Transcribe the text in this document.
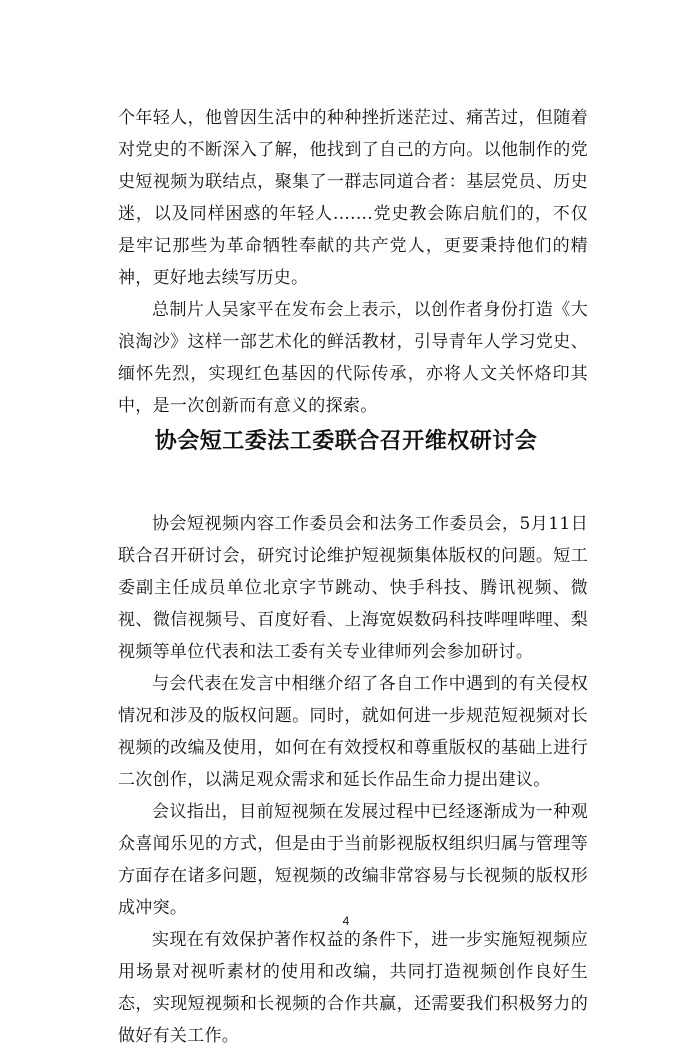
个年轻人，他曾因生活中的种种挫折迷茫过、痛苦过，但随着对党史的不断深入了解，他找到了自己的方向。以他制作的党史短视频为联结点，聚集了一群志同道合者：基层党员、历史迷，以及同样困惑的年轻人.......党史教会陈启航们的，不仅是牢记那些为革命牺牲奉献的共产党人，更要秉持他们的精神，更好地去续写历史。

总制片人吴家平在发布会上表示，以创作者身份打造《大浪淘沙》这样一部艺术化的鲜活教材，引导青年人学习党史、缅怀先烈，实现红色基因的代际传承，亦将人文关怀烙印其中，是一次创新而有意义的探索。

协会短工委法工委联合召开维权研讨会

协会短视频内容工作委员会和法务工作委员会，5月11日联合召开研讨会，研究讨论维护短视频集体版权的问题。短工委副主任成员单位北京字节跳动、快手科技、腾讯视频、微视、微信视频号、百度好看、上海宽娱数码科技哔哩哔哩、梨视频等单位代表和法工委有关专业律师列会参加研讨。

与会代表在发言中相继介绍了各自工作中遇到的有关侵权情况和涉及的版权问题。同时，就如何进一步规范短视频对长视频的改编及使用，如何在有效授权和尊重版权的基础上进行二次创作，以满足观众需求和延长作品生命力提出建议。

会议指出，目前短视频在发展过程中已经逐渐成为一种观众喜闻乐见的方式，但是由于当前影视版权组织归属与管理等方面存在诸多问题，短视频的改编非常容易与长视频的版权形成冲突。

实现在有效保护著作权益的条件下，进一步实施短视频应用场景对视听素材的使用和改编，共同打造视频创作良好生态，实现短视频和长视频的合作共赢，还需要我们积极努力的做好有关工作。

4
